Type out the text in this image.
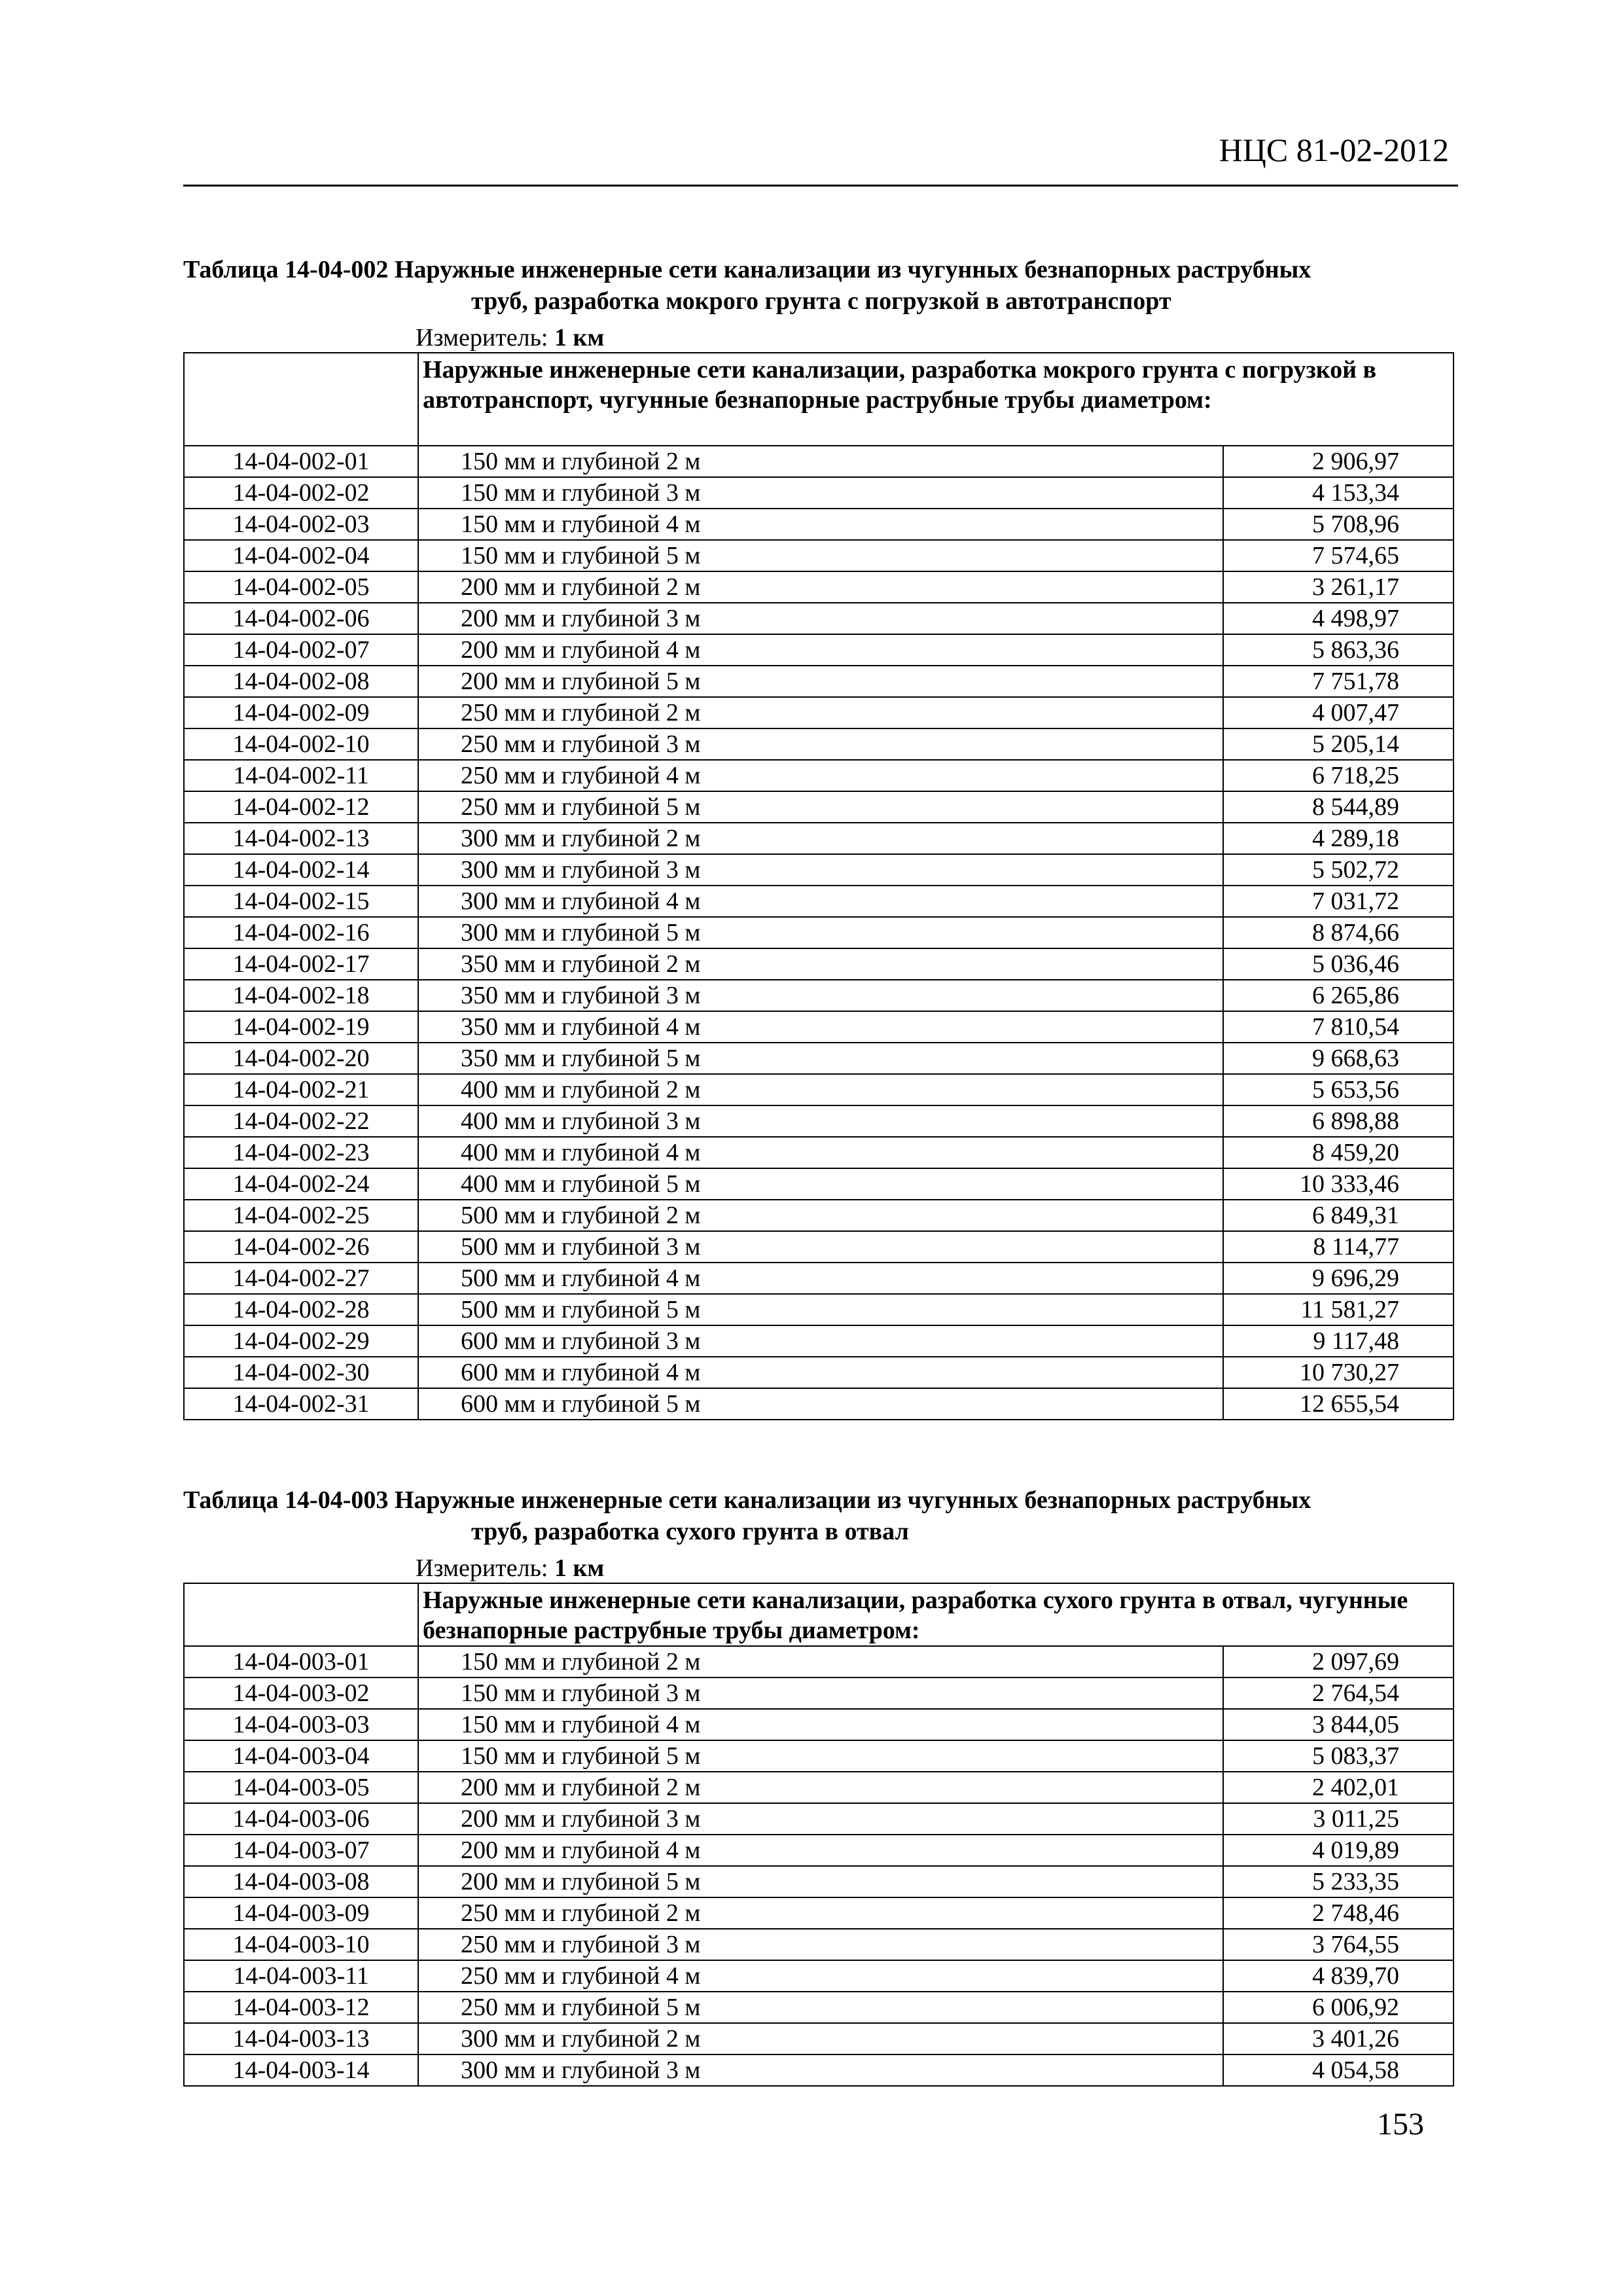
НЦС 81-02-2012
Таблица 14-04-002 Наружные инженерные сети канализации из чугунных безнапорных раструбных
труб, разработка мокрого грунта с погрузкой в автотранспорт
Измеритель: 1 км
	Наружные инженерные сети канализации, разработка мокрого грунта с погрузкой в автотранспорт, чугунные безнапорные раструбные трубы диаметром:	
14-04-002-01	150 мм и глубиной 2 м	2 906,97
14-04-002-02	150 мм и глубиной 3 м	4 153,34
14-04-002-03	150 мм и глубиной 4 м	5 708,96
14-04-002-04	150 мм и глубиной 5 м	7 574,65
14-04-002-05	200 мм и глубиной 2 м	3 261,17
14-04-002-06	200 мм и глубиной 3 м	4 498,97
14-04-002-07	200 мм и глубиной 4 м	5 863,36
14-04-002-08	200 мм и глубиной 5 м	7 751,78
14-04-002-09	250 мм и глубиной 2 м	4 007,47
14-04-002-10	250 мм и глубиной 3 м	5 205,14
14-04-002-11	250 мм и глубиной 4 м	6 718,25
14-04-002-12	250 мм и глубиной 5 м	8 544,89
14-04-002-13	300 мм и глубиной 2 м	4 289,18
14-04-002-14	300 мм и глубиной 3 м	5 502,72
14-04-002-15	300 мм и глубиной 4 м	7 031,72
14-04-002-16	300 мм и глубиной 5 м	8 874,66
14-04-002-17	350 мм и глубиной 2 м	5 036,46
14-04-002-18	350 мм и глубиной 3 м	6 265,86
14-04-002-19	350 мм и глубиной 4 м	7 810,54
14-04-002-20	350 мм и глубиной 5 м	9 668,63
14-04-002-21	400 мм и глубиной 2 м	5 653,56
14-04-002-22	400 мм и глубиной 3 м	6 898,88
14-04-002-23	400 мм и глубиной 4 м	8 459,20
14-04-002-24	400 мм и глубиной 5 м	10 333,46
14-04-002-25	500 мм и глубиной 2 м	6 849,31
14-04-002-26	500 мм и глубиной 3 м	8 114,77
14-04-002-27	500 мм и глубиной 4 м	9 696,29
14-04-002-28	500 мм и глубиной 5 м	11 581,27
14-04-002-29	600 мм и глубиной 3 м	9 117,48
14-04-002-30	600 мм и глубиной 4 м	10 730,27
14-04-002-31	600 мм и глубиной 5 м	12 655,54
Таблица 14-04-003 Наружные инженерные сети канализации из чугунных безнапорных раструбных
труб, разработка сухого грунта в отвал
Измеритель: 1 км
	Наружные инженерные сети канализации, разработка сухого грунта в отвал, чугунные безнапорные раструбные трубы диаметром:	
14-04-003-01	150 мм и глубиной 2 м	2 097,69
14-04-003-02	150 мм и глубиной 3 м	2 764,54
14-04-003-03	150 мм и глубиной 4 м	3 844,05
14-04-003-04	150 мм и глубиной 5 м	5 083,37
14-04-003-05	200 мм и глубиной 2 м	2 402,01
14-04-003-06	200 мм и глубиной 3 м	3 011,25
14-04-003-07	200 мм и глубиной 4 м	4 019,89
14-04-003-08	200 мм и глубиной 5 м	5 233,35
14-04-003-09	250 мм и глубиной 2 м	2 748,46
14-04-003-10	250 мм и глубиной 3 м	3 764,55
14-04-003-11	250 мм и глубиной 4 м	4 839,70
14-04-003-12	250 мм и глубиной 5 м	6 006,92
14-04-003-13	300 мм и глубиной 2 м	3 401,26
14-04-003-14	300 мм и глубиной 3 м	4 054,58
153
